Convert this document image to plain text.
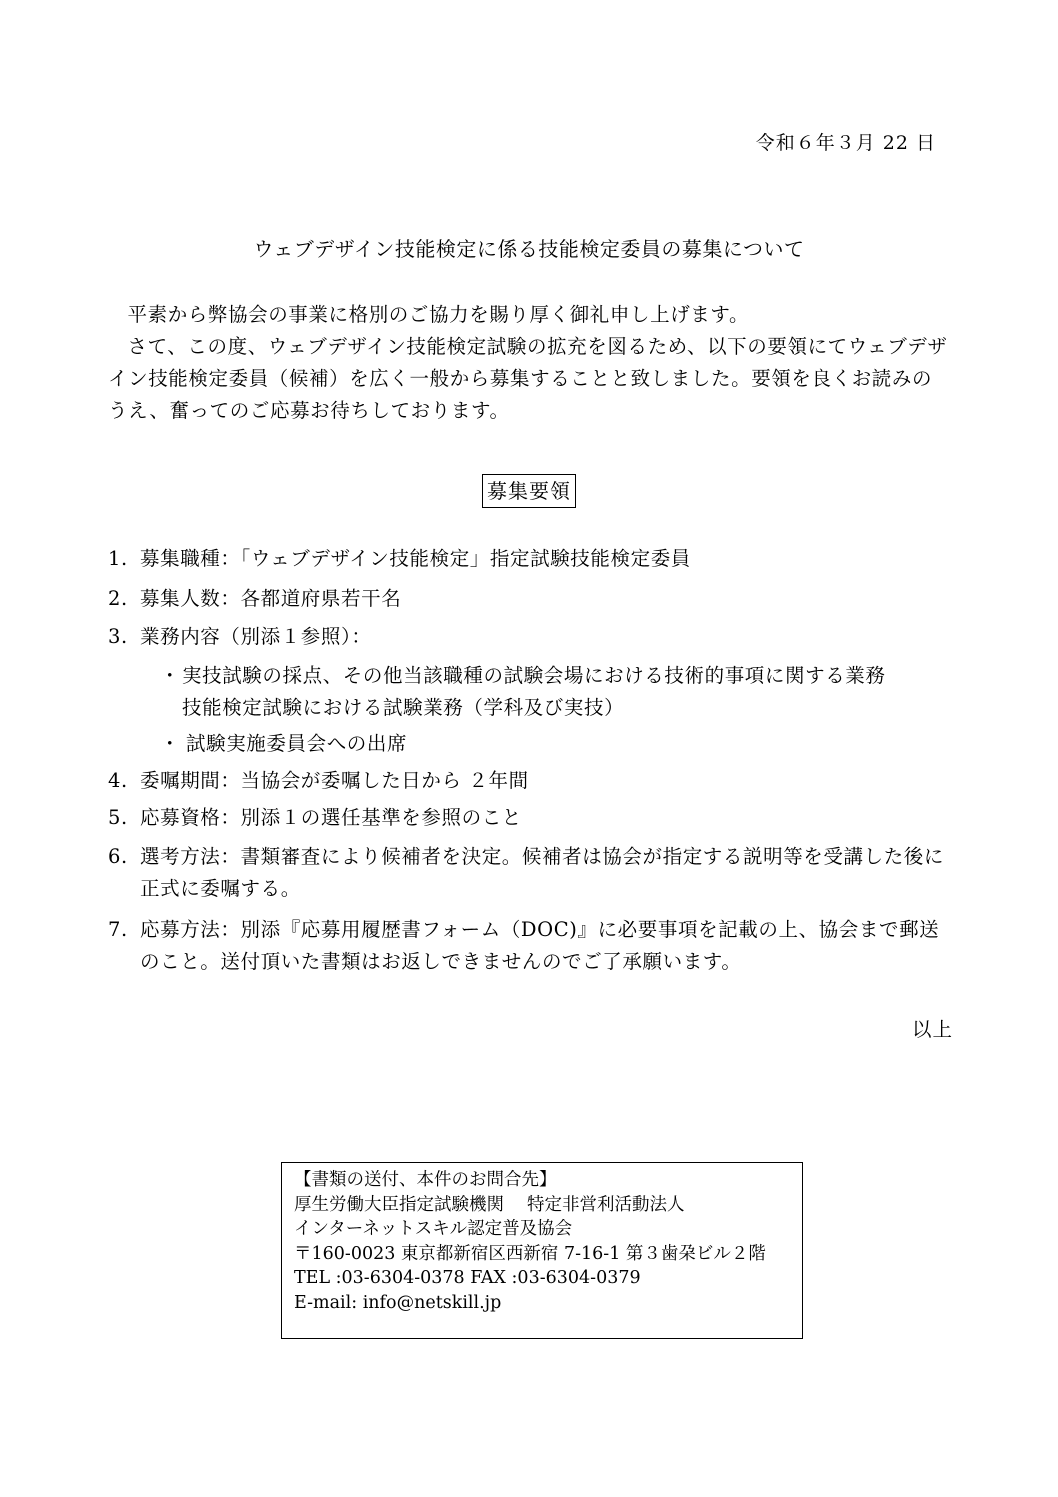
令和６年３月 22 日
ウェブデザイン技能検定に係る技能検定委員の募集について

平素から弊協会の事業に格別のご協力を賜り厚く御礼申し上げます。

さて、この度、ウェブデザイン技能検定試験の拡充を図るため、以下の要領にてウェブデザイン技能検定委員（候補）を広く一般から募集することと致しました。要領を良くお読みのうえ、奮ってのご応募お待ちしております。

募集要領
1. 募集職種：「ウェブデザイン技能検定」指定試験技能検定委員
2. 募集人数：各都道府県若干名
3. 業務内容（別添１参照）：
・ 実技試験の採点、その他当該職種の試験会場における技術的事項に関する業務
技能検定試験における試験業務（学科及び実技）
・ 試験実施委員会への出席
4. 委嘱期間：当協会が委嘱した日から ２年間
5. 応募資格：別添１の選任基準を参照のこと
6. 選考方法：書類審査により候補者を決定。候補者は協会が指定する説明等を受講した後に正式に委嘱する。
7. 応募方法：別添『応募用履歴書フォーム（DOC)』に必要事項を記載の上、協会まで郵送のこと。送付頂いた書類はお返しできませんのでご了承願います。
以上
【書類の送付、本件のお問合先】
厚生労働大臣指定試験機関　 特定非営利活動法人
インターネットスキル認定普及協会
〒160-0023 東京都新宿区西新宿 7-16-1 第３歯朶ビル２階
TEL :03-6304-0378 FAX :03-6304-0379
E-mail: info@netskill.jp
